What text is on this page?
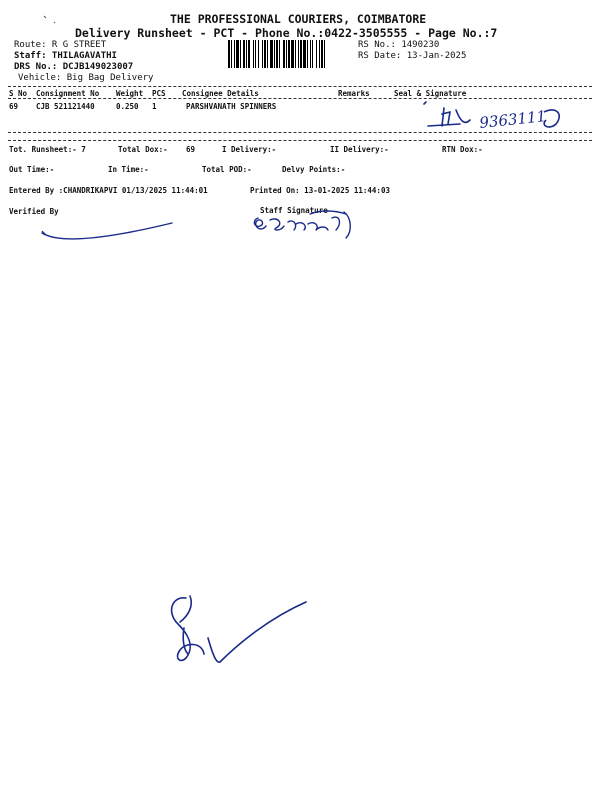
THE PROFESSIONAL COURIERS, COIMBATORE
Delivery Runsheet - PCT - Phone No.:0422-3505555 - Page No.:7
Route: R G STREET
Staff: THILAGAVATHI
DRS No.: DCJB149023007
Vehicle: Big Bag Delivery
RS No.: 1490230
RS Date: 13-Jan-2025
S No Consignment No Weight PCS Consignee Details	Remarks	Seal & Signature
69 CJB 521121440	0.250 1	PARSHVANATH SPINNERS
9363111
Tot. Runsheet:- 7	Total Dox:- 69	I Delivery:-	II Delivery:-	RTN Dox:-
Out Time:-	In Time:-	Total POD:-	Delvy Points:-
Entered By :CHANDRIKAPVI 01/13/2025 11:44:01	Printed On: 13-01-2025 11:44:03
Verified By	Staff Signature
